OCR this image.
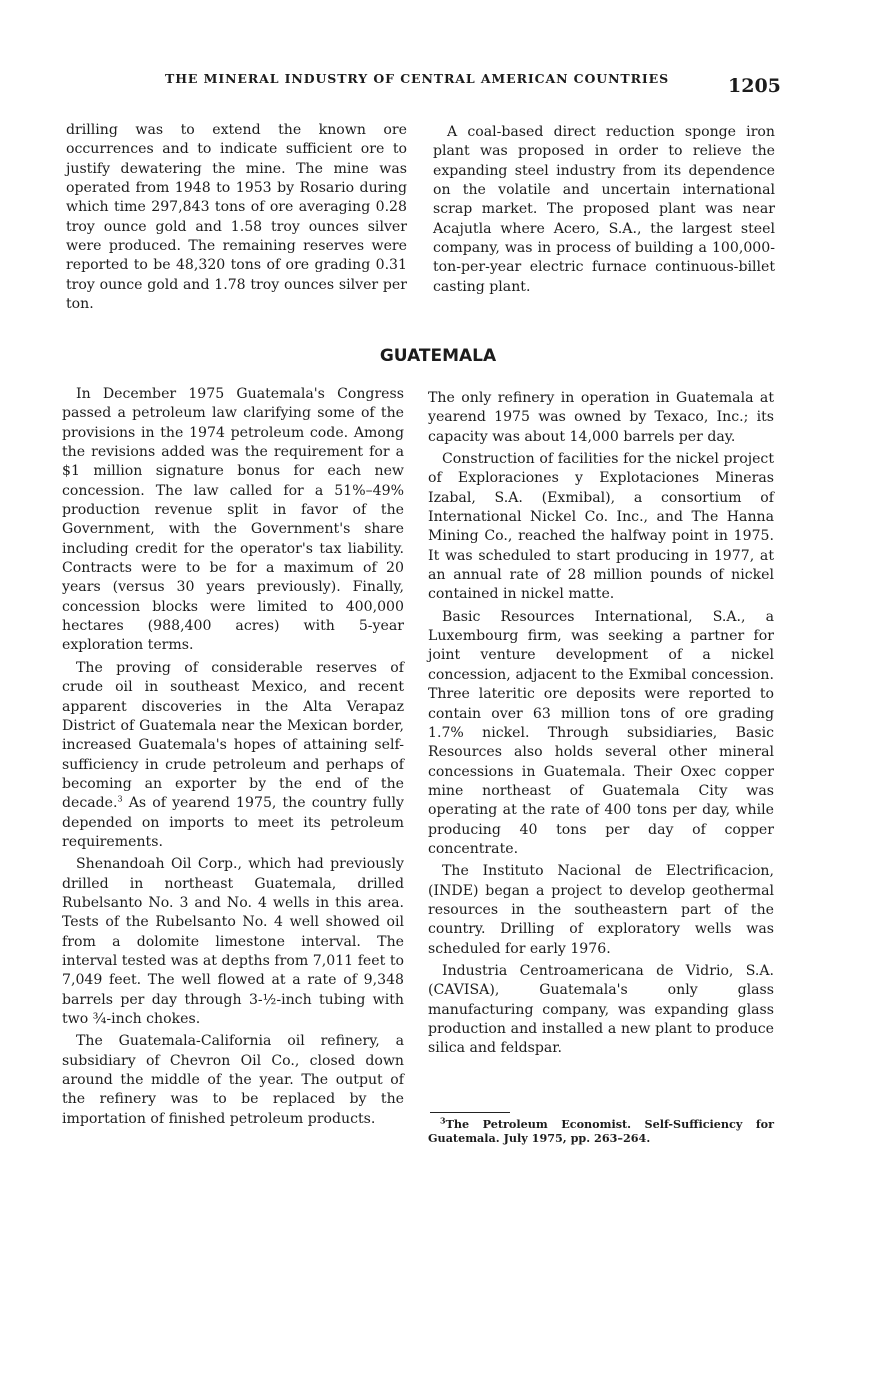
THE MINERAL INDUSTRY OF CENTRAL AMERICAN COUNTRIES	1205

drilling was to extend the known ore occurrences and to indicate sufficient ore to justify dewatering the mine. The mine was operated from 1948 to 1953 by Rosario during which time 297,843 tons of ore averaging 0.28 troy ounce gold and 1.58 troy ounces silver were produced. The remaining reserves were reported to be 48,320 tons of ore grading 0.31 troy ounce gold and 1.78 troy ounces silver per ton.

A coal-based direct reduction sponge iron plant was proposed in order to relieve the expanding steel industry from its dependence on the volatile and uncertain international scrap market. The proposed plant was near Acajutla where Acero, S.A., the largest steel company, was in process of building a 100,000-ton-per-year electric furnace continuous-billet casting plant.

GUATEMALA

In December 1975 Guatemala's Congress passed a petroleum law clarifying some of the provisions in the 1974 petroleum code. Among the revisions added was the requirement for a $1 million signature bonus for each new concession. The law called for a 51%–49% production revenue split in favor of the Government, with the Government's share including credit for the operator's tax liability. Contracts were to be for a maximum of 20 years (versus 30 years previously). Finally, concession blocks were limited to 400,000 hectares (988,400 acres) with 5-year exploration terms.

The proving of considerable reserves of crude oil in southeast Mexico, and recent apparent discoveries in the Alta Verapaz District of Guatemala near the Mexican border, increased Guatemala's hopes of attaining self-sufficiency in crude petroleum and perhaps of becoming an exporter by the end of the decade.$^3$ As of yearend 1975, the country fully depended on imports to meet its petroleum requirements.

Shenandoah Oil Corp., which had previously drilled in northeast Guatemala, drilled Rubelsanto No. 3 and No. 4 wells in this area. Tests of the Rubelsanto No. 4 well showed oil from a dolomite limestone interval. The interval tested was at depths from 7,011 feet to 7,049 feet. The well flowed at a rate of 9,348 barrels per day through 3-½-inch tubing with two ¾-inch chokes.

The Guatemala-California oil refinery, a subsidiary of Chevron Oil Co., closed down around the middle of the year. The output of the refinery was to be replaced by the importation of finished petroleum products.

The only refinery in operation in Guatemala at yearend 1975 was owned by Texaco, Inc.; its capacity was about 14,000 barrels per day.

Construction of facilities for the nickel project of Exploraciones y Explotaciones Mineras Izabal, S.A. (Exmibal), a consortium of International Nickel Co. Inc., and The Hanna Mining Co., reached the halfway point in 1975. It was scheduled to start producing in 1977, at an annual rate of 28 million pounds of nickel contained in nickel matte.

Basic Resources International, S.A., a Luxembourg firm, was seeking a partner for joint venture development of a nickel concession, adjacent to the Exmibal concession. Three lateritic ore deposits were reported to contain over 63 million tons of ore grading 1.7% nickel. Through subsidiaries, Basic Resources also holds several other mineral concessions in Guatemala. Their Oxec copper mine northeast of Guatemala City was operating at the rate of 400 tons per day, while producing 40 tons per day of copper concentrate.

The Instituto Nacional de Electrificacion, (INDE) began a project to develop geothermal resources in the southeastern part of the country. Drilling of exploratory wells was scheduled for early 1976.

Industria Centroamericana de Vidrio, S.A. (CAVISA), Guatemala's only glass manufacturing company, was expanding glass production and installed a new plant to produce silica and feldspar.

$^3$The Petroleum Economist. Self-Sufficiency for Guatemala. July 1975, pp. 263–264.
